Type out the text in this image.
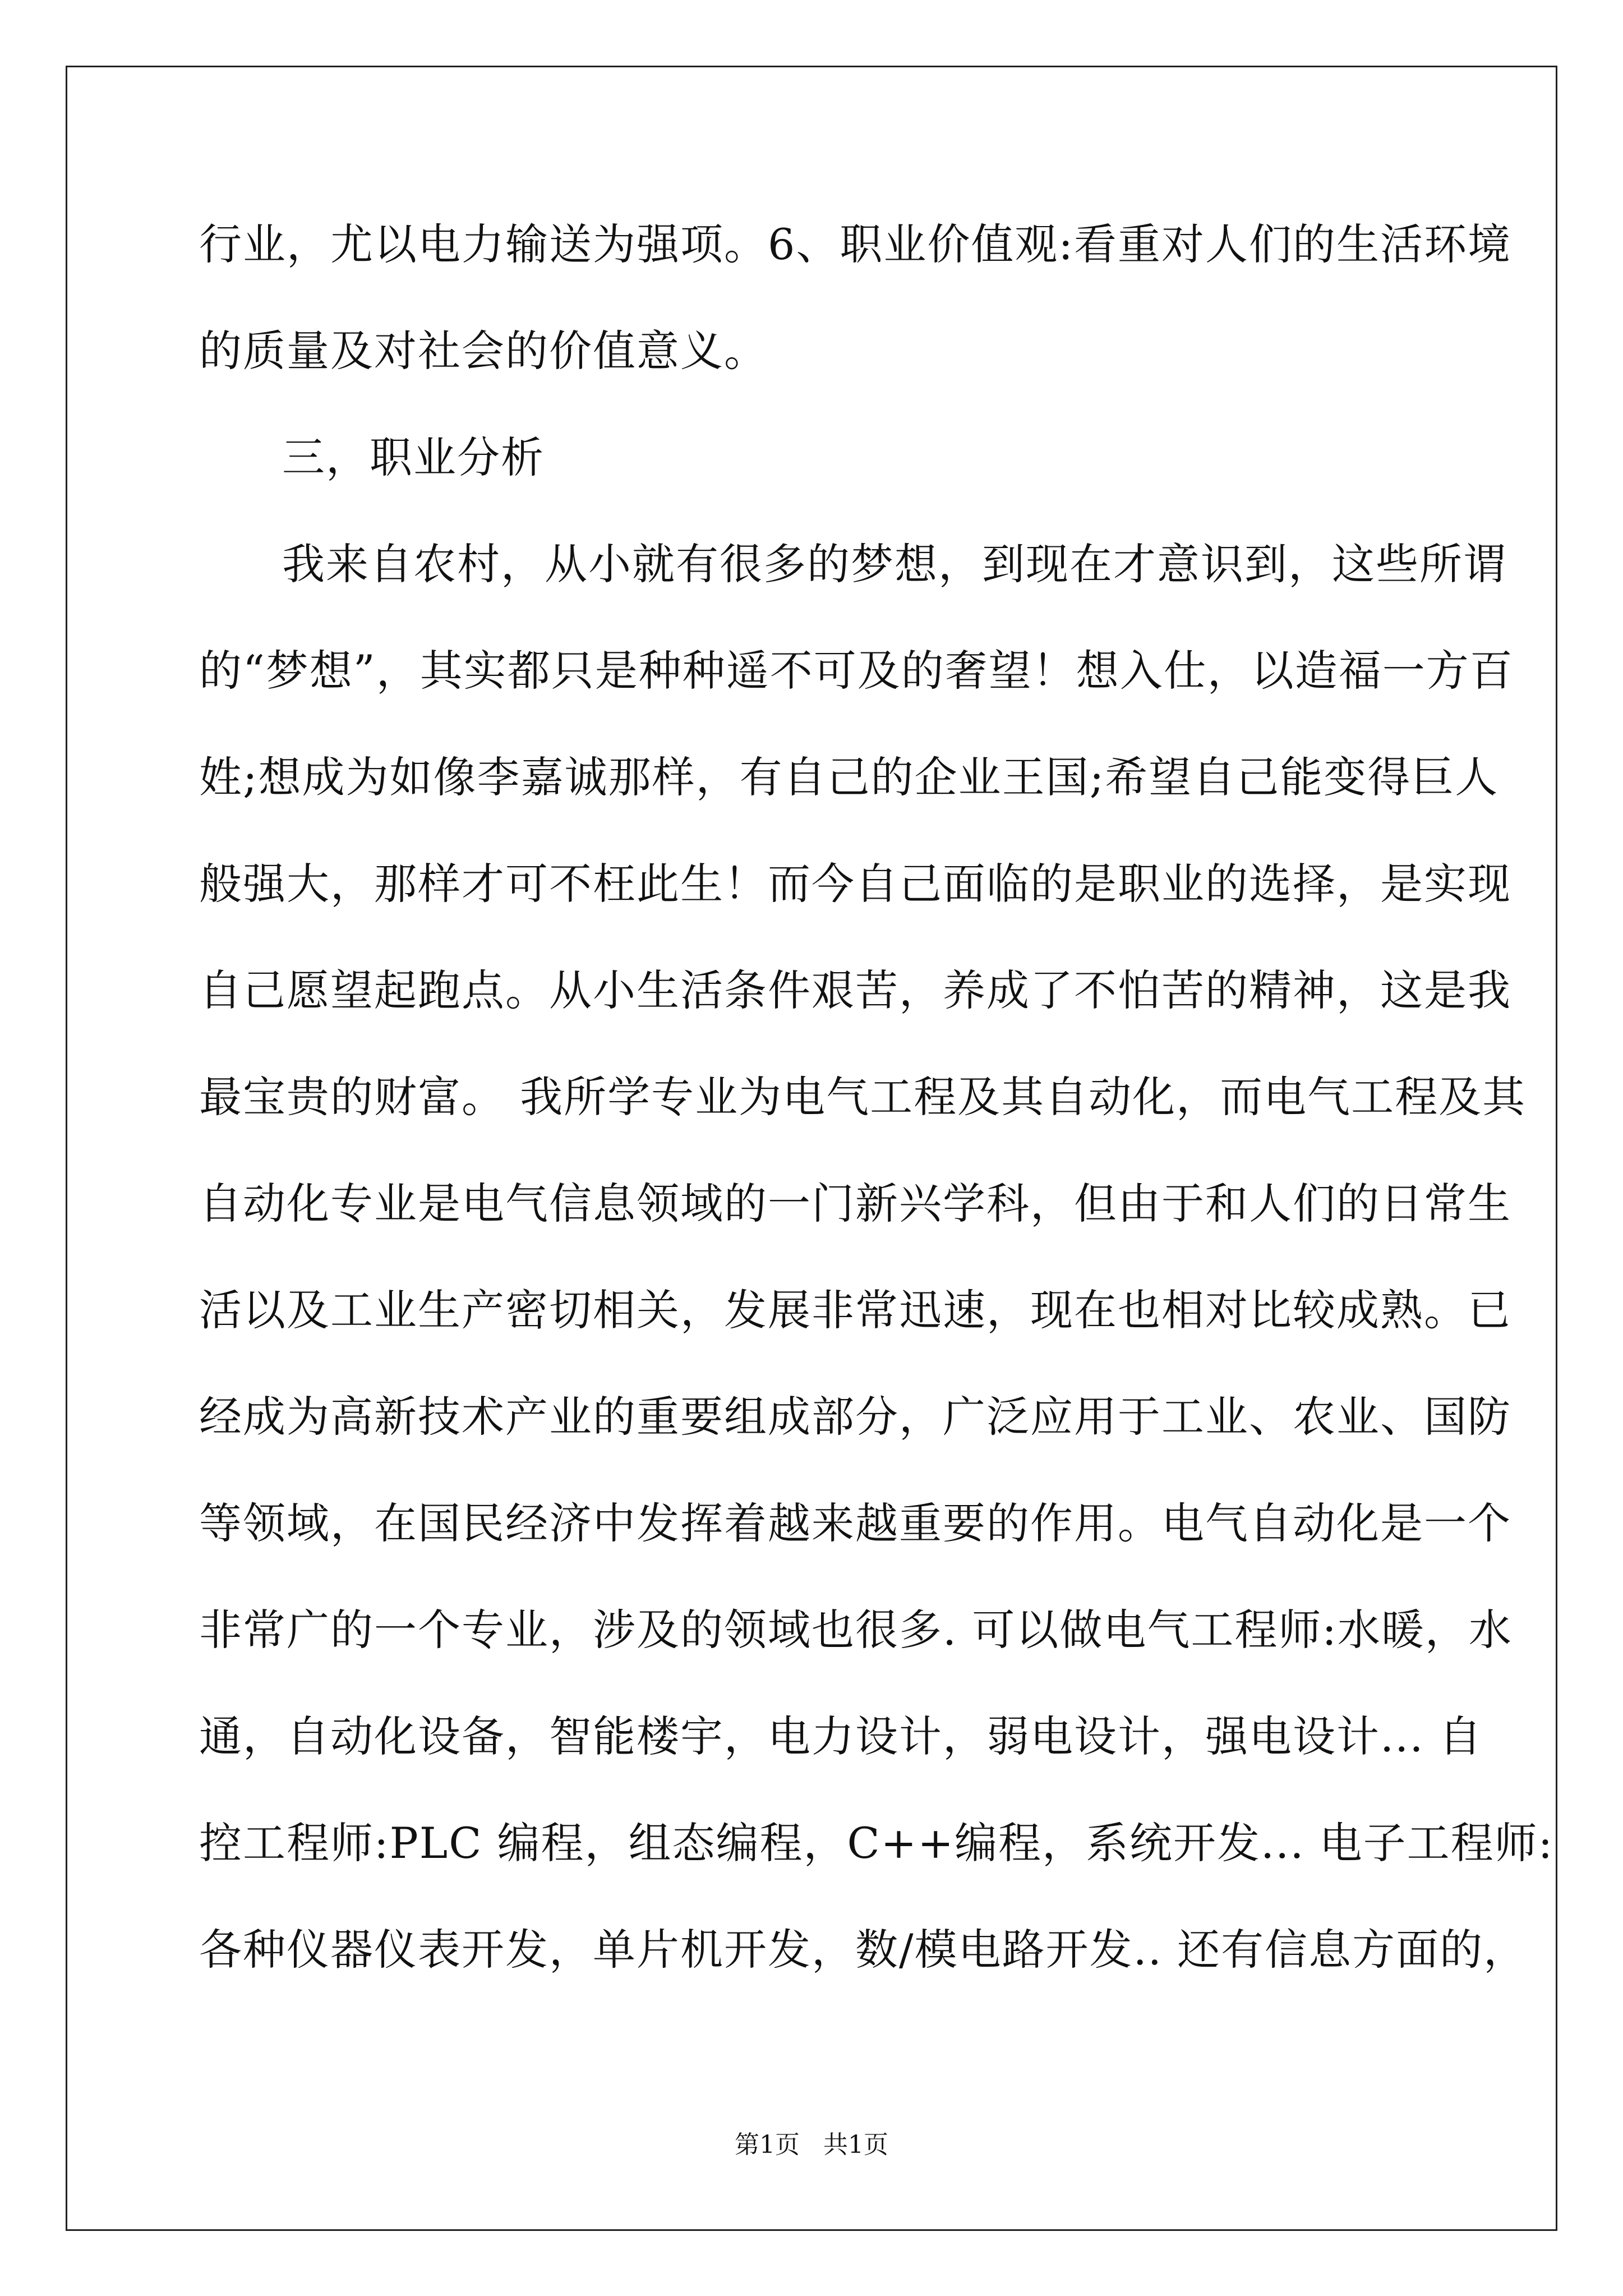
行业，尤以电力输送为强项。6、职业价值观:看重对人们的生活环境
的质量及对社会的价值意义。
三，职业分析
我来自农村，从小就有很多的梦想，到现在才意识到，这些所谓
的“梦想”，其实都只是种种遥不可及的奢望！想入仕，以造福一方百
姓;想成为如像李嘉诚那样，有自己的企业王国;希望自己能变得巨人
般强大，那样才可不枉此生！而今自己面临的是职业的选择，是实现
自己愿望起跑点。从小生活条件艰苦，养成了不怕苦的精神，这是我
最宝贵的财富。 我所学专业为电气工程及其自动化，而电气工程及其
自动化专业是电气信息领域的一门新兴学科，但由于和人们的日常生
活以及工业生产密切相关，发展非常迅速，现在也相对比较成熟。已
经成为高新技术产业的重要组成部分，广泛应用于工业、农业、国防
等领域，在国民经济中发挥着越来越重要的作用。电气自动化是一个
非常广的一个专业，涉及的领域也很多. 可以做电气工程师:水暖，水
通，自动化设备，智能楼宇，电力设计，弱电设计，强电设计... 自
控工程师:PLC 编程，组态编程，C++编程，系统开发... 电子工程师:
各种仪器仪表开发，单片机开发，数/模电路开发.. 还有信息方面的，
第1页 共1页
